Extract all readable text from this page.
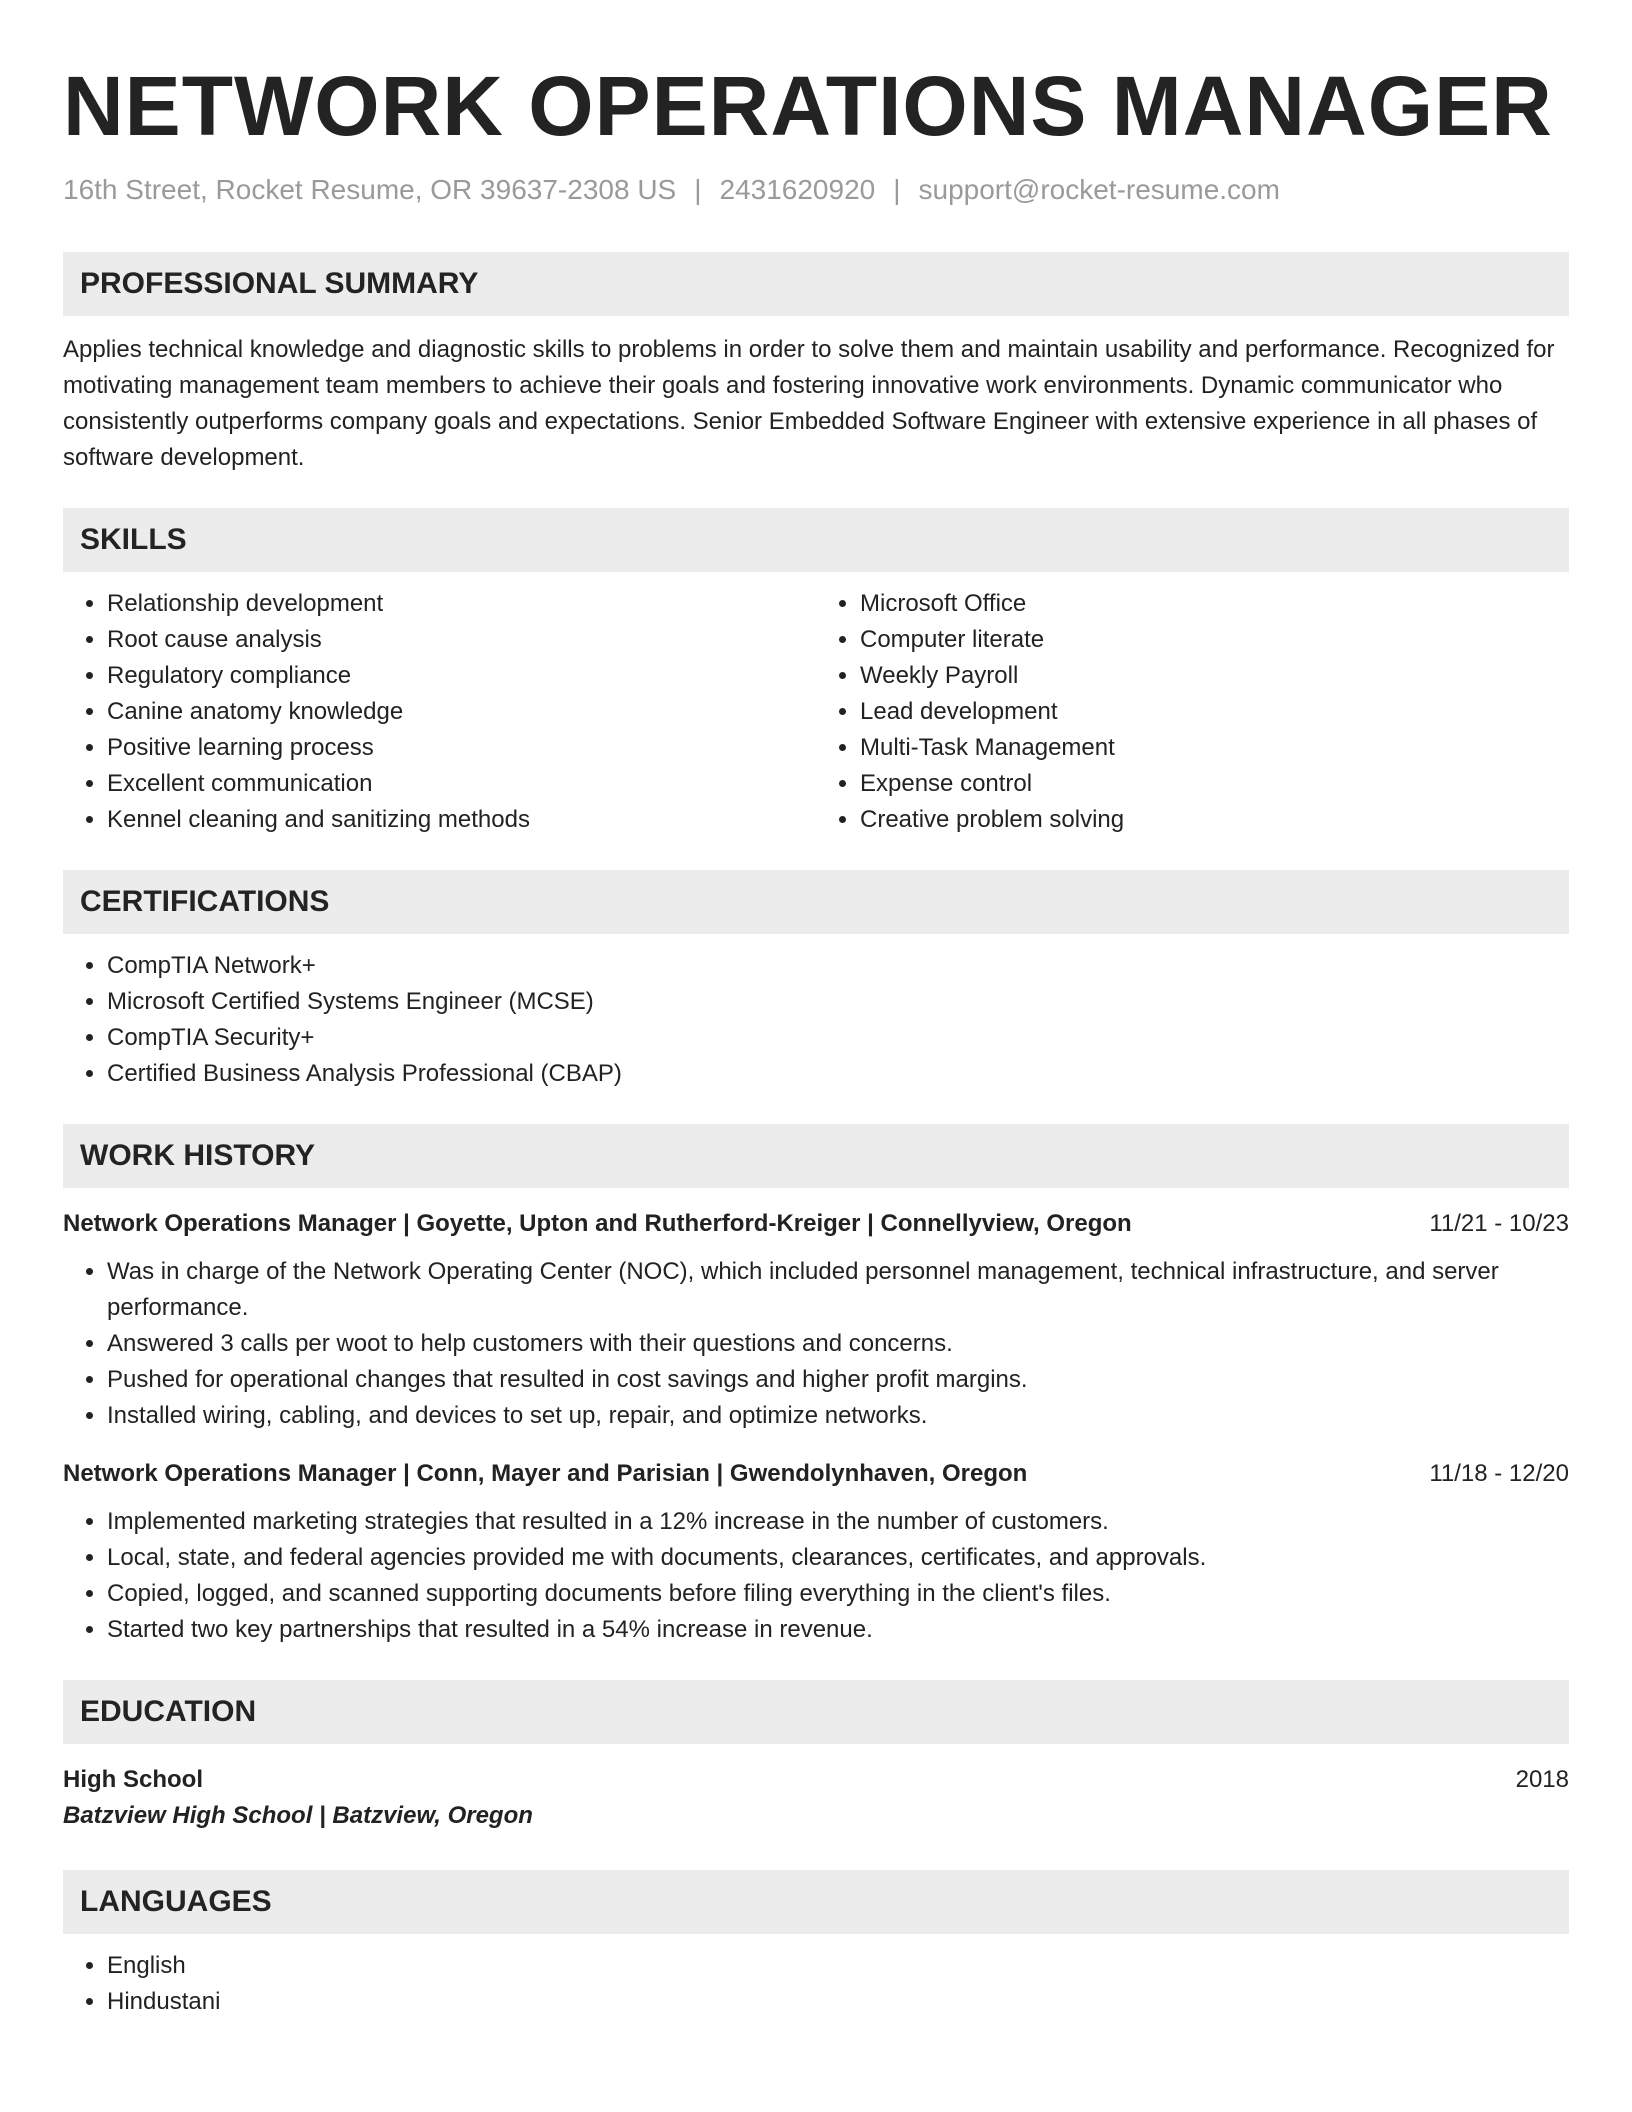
NETWORK OPERATIONS MANAGER
16th Street, Rocket Resume, OR 39637-2308 US | 2431620920 | support@rocket-resume.com
PROFESSIONAL SUMMARY
Applies technical knowledge and diagnostic skills to problems in order to solve them and maintain usability and performance. Recognized for motivating management team members to achieve their goals and fostering innovative work environments. Dynamic communicator who consistently outperforms company goals and expectations. Senior Embedded Software Engineer with extensive experience in all phases of software development.
SKILLS
• Relationship development
• Root cause analysis
• Regulatory compliance
• Canine anatomy knowledge
• Positive learning process
• Excellent communication
• Kennel cleaning and sanitizing methods
• Microsoft Office
• Computer literate
• Weekly Payroll
• Lead development
• Multi-Task Management
• Expense control
• Creative problem solving
CERTIFICATIONS
• CompTIA Network+
• Microsoft Certified Systems Engineer (MCSE)
• CompTIA Security+
• Certified Business Analysis Professional (CBAP)
WORK HISTORY
Network Operations Manager | Goyette, Upton and Rutherford-Kreiger | Connellyview, Oregon	11/21 - 10/23
• Was in charge of the Network Operating Center (NOC), which included personnel management, technical infrastructure, and server performance.
• Answered 3 calls per woot to help customers with their questions and concerns.
• Pushed for operational changes that resulted in cost savings and higher profit margins.
• Installed wiring, cabling, and devices to set up, repair, and optimize networks.
Network Operations Manager | Conn, Mayer and Parisian | Gwendolynhaven, Oregon	11/18 - 12/20
• Implemented marketing strategies that resulted in a 12% increase in the number of customers.
• Local, state, and federal agencies provided me with documents, clearances, certificates, and approvals.
• Copied, logged, and scanned supporting documents before filing everything in the client's files.
• Started two key partnerships that resulted in a 54% increase in revenue.
EDUCATION
High School	2018
Batzview High School | Batzview, Oregon
LANGUAGES
• English
• Hindustani
